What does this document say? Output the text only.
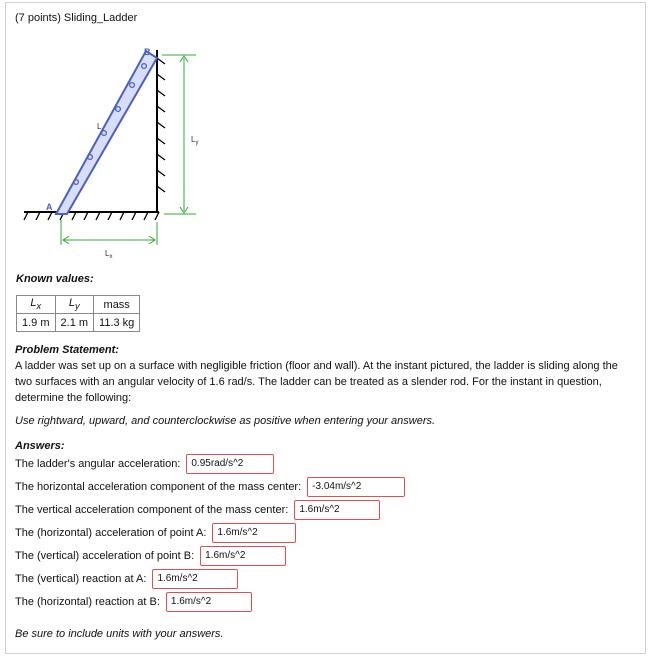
(7 points) Sliding_Ladder
A
B
L
$L_y$
$L_x$
Known values:
$L_x$	$L_y$	mass
1.9 m	2.1 m	11.3 kg
Problem Statement:
A ladder was set up on a surface with negligible friction (floor and wall). At the instant pictured, the ladder is sliding along the two surfaces with an angular velocity of 1.6 rad/s. The ladder can be treated as a slender rod. For the instant in question, determine the following:
Use rightward, upward, and counterclockwise as positive when entering your answers.
Answers:
The ladder's angular acceleration:	0.95rad/s^2
The horizontal acceleration component of the mass center:	-3.04m/s^2
The vertical acceleration component of the mass center:	1.6m/s^2
The (horizontal) acceleration of point A:	1.6m/s^2
The (vertical) acceleration of point B:	1.6m/s^2
The (vertical) reaction at A:	1.6m/s^2
The (horizontal) reaction at B:	1.6m/s^2
Be sure to include units with your answers.
